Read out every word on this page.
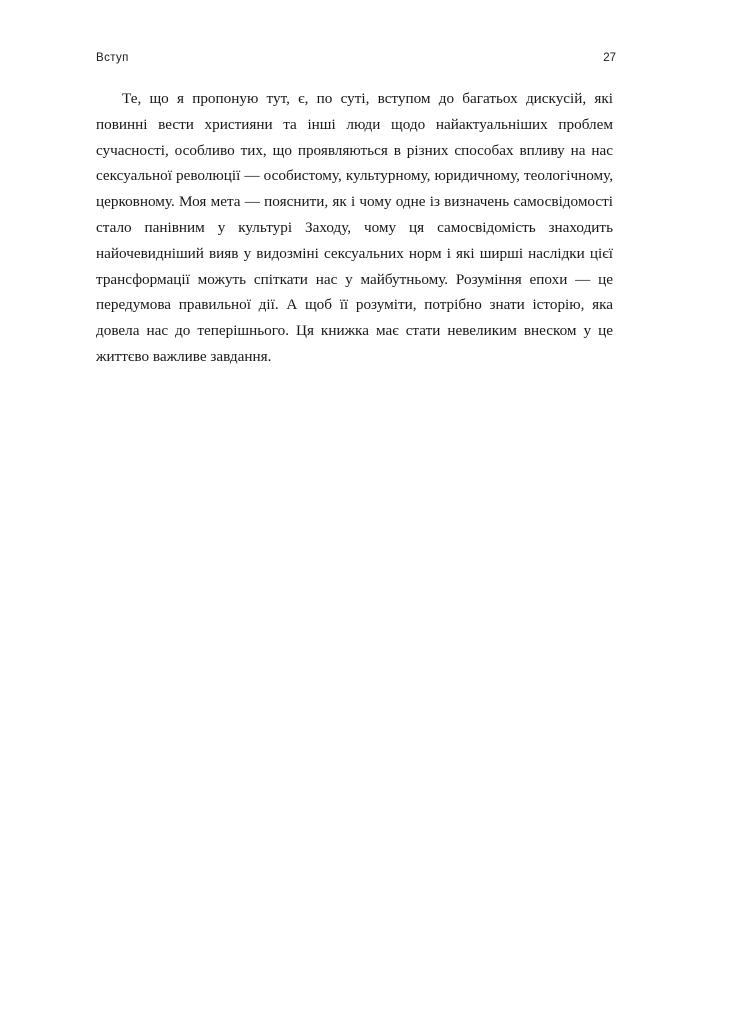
Вступ	27

Те, що я пропоную тут, є, по суті, вступом до багатьох дискусій, які повинні вести християни та інші люди щодо найактуальніших проблем сучасності, особливо тих, що проявляються в різних способах впливу на нас сексуальної революції — особистому, культурному, юридичному, теологічному, церковному. Моя мета — пояснити, як і чому одне із визначень самосвідомості стало панівним у культурі Заходу, чому ця самосвідомість знаходить найочевидніший вияв у видозміні сексуальних норм і які ширші наслідки цієї трансформації можуть спіткати нас у майбутньому. Розуміння епохи — це передумова правильної дії. А щоб її розуміти, потрібно знати історію, яка довела нас до теперішнього. Ця книжка має стати невеликим внеском у це життєво важливе завдання.
